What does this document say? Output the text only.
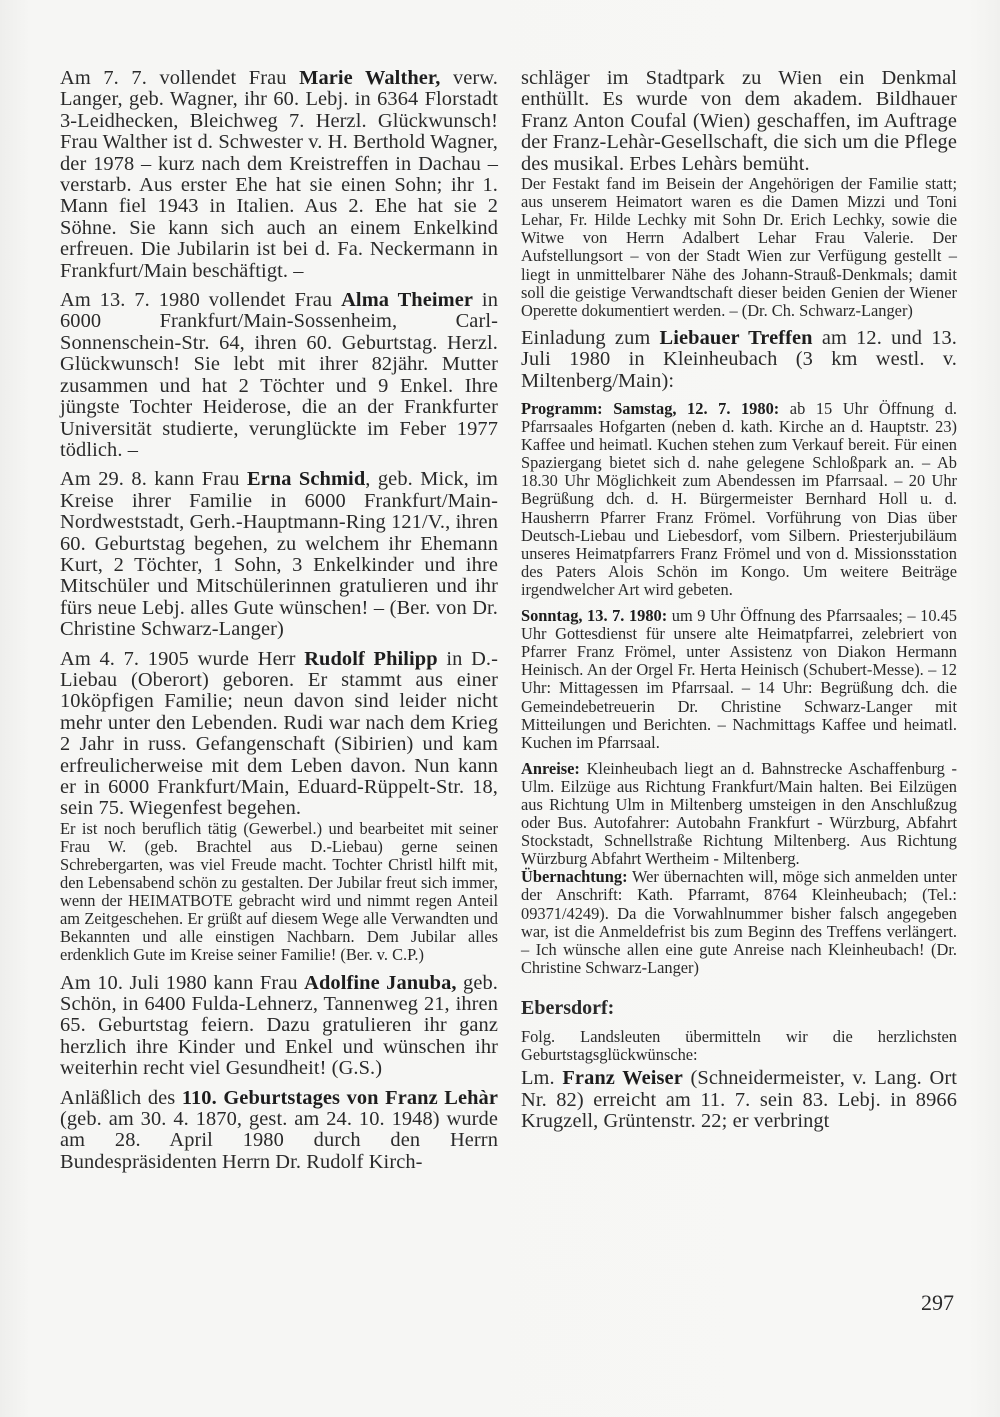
Am 7. 7. vollendet Frau Marie Walther, verw. Langer, geb. Wagner, ihr 60. Lebj. in 6364 Florstadt 3-Leidhecken, Bleichweg 7. Herzl. Glückwunsch! Frau Walther ist d. Schwester v. H. Berthold Wagner, der 1978 – kurz nach dem Kreistreffen in Dachau – verstarb. Aus erster Ehe hat sie einen Sohn; ihr 1. Mann fiel 1943 in Italien. Aus 2. Ehe hat sie 2 Söhne. Sie kann sich auch an einem Enkelkind erfreuen. Die Jubilarin ist bei d. Fa. Neckermann in Frankfurt/Main beschäftigt. –

Am 13. 7. 1980 vollendet Frau Alma Theimer in 6000 Frankfurt/Main-Sossenheim, Carl-Sonnenschein-Str. 64, ihren 60. Geburtstag. Herzl. Glückwunsch! Sie lebt mit ihrer 82jähr. Mutter zusammen und hat 2 Töchter und 9 Enkel. Ihre jüngste Tochter Heiderose, die an der Frankfurter Universität studierte, verunglückte im Feber 1977 tödlich. –

Am 29. 8. kann Frau Erna Schmid, geb. Mick, im Kreise ihrer Familie in 6000 Frankfurt/Main-Nordweststadt, Gerh.-Hauptmann-Ring 121/V., ihren 60. Geburtstag begehen, zu welchem ihr Ehemann Kurt, 2 Töchter, 1 Sohn, 3 Enkelkinder und ihre Mitschüler und Mitschülerinnen gratulieren und ihr fürs neue Lebj. alles Gute wünschen! – (Ber. von Dr. Christine Schwarz-Langer)

Am 4. 7. 1905 wurde Herr Rudolf Philipp in D.-Liebau (Oberort) geboren. Er stammt aus einer 10köpfigen Familie; neun davon sind leider nicht mehr unter den Lebenden. Rudi war nach dem Krieg 2 Jahr in russ. Gefangenschaft (Sibirien) und kam erfreulicherweise mit dem Leben davon. Nun kann er in 6000 Frankfurt/Main, Eduard-Rüppelt-Str. 18, sein 75. Wiegenfest begehen.

Er ist noch beruflich tätig (Gewerbel.) und bearbeitet mit seiner Frau W. (geb. Brachtel aus D.-Liebau) gerne seinen Schrebergarten, was viel Freude macht. Tochter Christl hilft mit, den Lebensabend schön zu gestalten. Der Jubilar freut sich immer, wenn der HEIMATBOTE gebracht wird und nimmt regen Anteil am Zeitgeschehen. Er grüßt auf diesem Wege alle Verwandten und Bekannten und alle einstigen Nachbarn. Dem Jubilar alles erdenklich Gute im Kreise seiner Familie! (Ber. v. C.P.)

Am 10. Juli 1980 kann Frau Adolfine Januba, geb. Schön, in 6400 Fulda-Lehnerz, Tannenweg 21, ihren 65. Geburtstag feiern. Dazu gratulieren ihr ganz herzlich ihre Kinder und Enkel und wünschen ihr weiterhin recht viel Gesundheit! (G.S.)

Anläßlich des 110. Geburtstages von Franz Lehàr (geb. am 30. 4. 1870, gest. am 24. 10. 1948) wurde am 28. April 1980 durch den Herrn Bundespräsidenten Herrn Dr. Rudolf Kirch-

schläger im Stadtpark zu Wien ein Denkmal enthüllt. Es wurde von dem akadem. Bildhauer Franz Anton Coufal (Wien) geschaffen, im Auftrage der Franz-Lehàr-Gesellschaft, die sich um die Pflege des musikal. Erbes Lehàrs bemüht.

Der Festakt fand im Beisein der Angehörigen der Familie statt; aus unserem Heimatort waren es die Damen Mizzi und Toni Lehar, Fr. Hilde Lechky mit Sohn Dr. Erich Lechky, sowie die Witwe von Herrn Adalbert Lehar Frau Valerie. Der Aufstellungsort – von der Stadt Wien zur Verfügung gestellt – liegt in unmittelbarer Nähe des Johann-Strauß-Denkmals; damit soll die geistige Verwandtschaft dieser beiden Genien der Wiener Operette dokumentiert werden. – (Dr. Ch. Schwarz-Langer)

Einladung zum Liebauer Treffen am 12. und 13. Juli 1980 in Kleinheubach (3 km westl. v. Miltenberg/Main):

Programm: Samstag, 12. 7. 1980: ab 15 Uhr Öffnung d. Pfarrsaales Hofgarten (neben d. kath. Kirche an d. Hauptstr. 23) Kaffee und heimatl. Kuchen stehen zum Verkauf bereit. Für einen Spaziergang bietet sich d. nahe gelegene Schloßpark an. – Ab 18.30 Uhr Möglichkeit zum Abendessen im Pfarrsaal. – 20 Uhr Begrüßung dch. d. H. Bürgermeister Bernhard Holl u. d. Hausherrn Pfarrer Franz Frömel. Vorführung von Dias über Deutsch-Liebau und Liebesdorf, vom Silbern. Priesterjubiläum unseres Heimatpfarrers Franz Frömel und von d. Missionsstation des Paters Alois Schön im Kongo. Um weitere Beiträge irgendwelcher Art wird gebeten.

Sonntag, 13. 7. 1980: um 9 Uhr Öffnung des Pfarrsaales; – 10.45 Uhr Gottesdienst für unsere alte Heimatpfarrei, zelebriert von Pfarrer Franz Frömel, unter Assistenz von Diakon Hermann Heinisch. An der Orgel Fr. Herta Heinisch (Schubert-Messe). – 12 Uhr: Mittagessen im Pfarrsaal. – 14 Uhr: Begrüßung dch. die Gemeindebetreuerin Dr. Christine Schwarz-Langer mit Mitteilungen und Berichten. – Nachmittags Kaffee und heimatl. Kuchen im Pfarrsaal.

Anreise: Kleinheubach liegt an d. Bahnstrecke Aschaffenburg - Ulm. Eilzüge aus Richtung Frankfurt/Main halten. Bei Eilzügen aus Richtung Ulm in Miltenberg umsteigen in den Anschlußzug oder Bus. Autofahrer: Autobahn Frankfurt - Würzburg, Abfahrt Stockstadt, Schnellstraße Richtung Miltenberg. Aus Richtung Würzburg Abfahrt Wertheim - Miltenberg.

Übernachtung: Wer übernachten will, möge sich anmelden unter der Anschrift: Kath. Pfarramt, 8764 Kleinheubach; (Tel.: 09371/4249). Da die Vorwahlnummer bisher falsch angegeben war, ist die Anmeldefrist bis zum Beginn des Treffens verlängert. – Ich wünsche allen eine gute Anreise nach Kleinheubach! (Dr. Christine Schwarz-Langer)

Ebersdorf:

Folg. Landsleuten übermitteln wir die herzlichsten Geburtstagsglückwünsche:

Lm. Franz Weiser (Schneidermeister, v. Lang. Ort Nr. 82) erreicht am 11. 7. sein 83. Lebj. in 8966 Krugzell, Grüntenstr. 22; er verbringt

297
